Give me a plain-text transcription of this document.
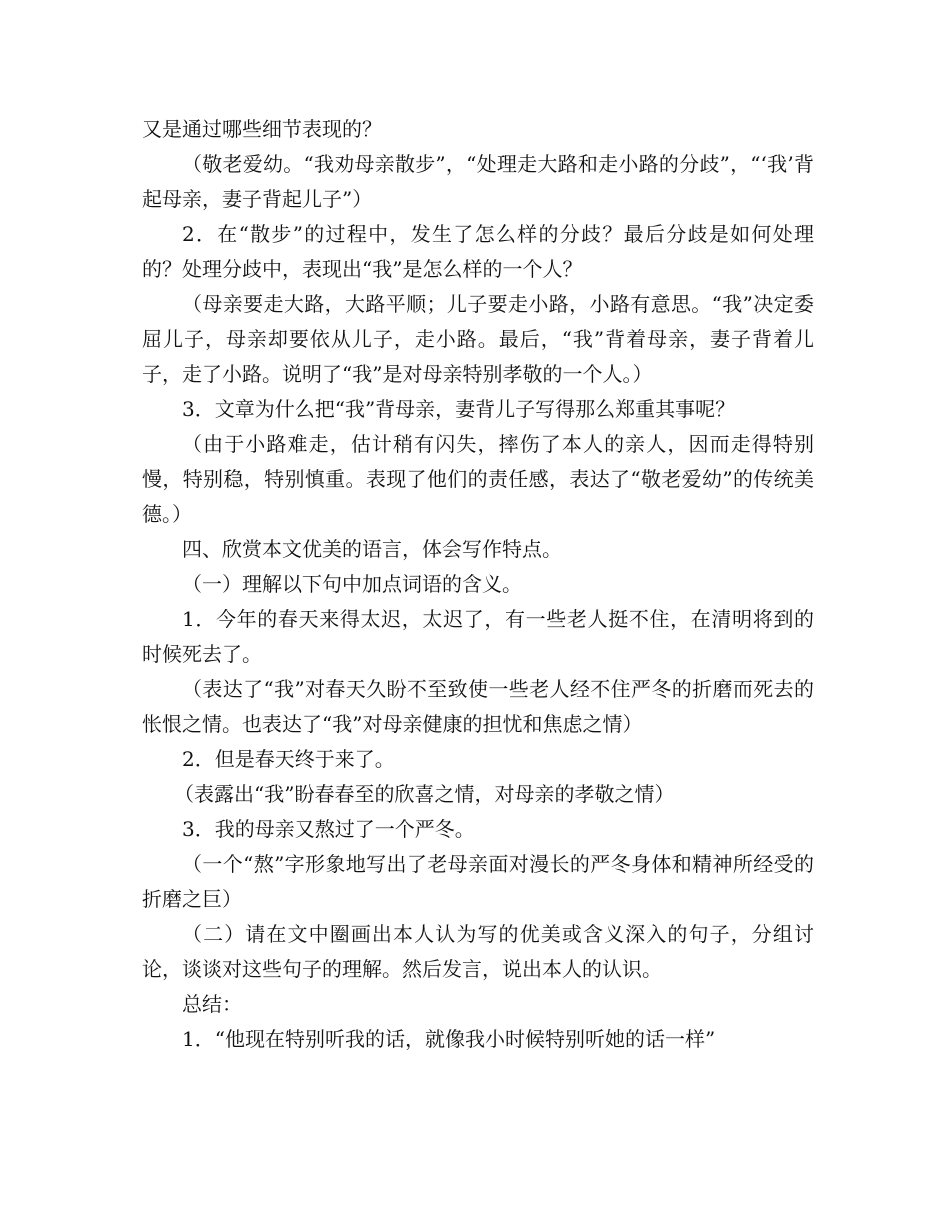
又是通过哪些细节表现的？

（敬老爱幼。“我劝母亲散步”，“处理走大路和走小路的分歧”，“‘我’背起母亲，妻子背起儿子”）

2．在“散步”的过程中，发生了怎么样的分歧？最后分歧是如何处理的？处理分歧中，表现出“我”是怎么样的一个人？

（母亲要走大路，大路平顺；儿子要走小路，小路有意思。“我”决定委屈儿子，母亲却要依从儿子，走小路。最后，“我”背着母亲，妻子背着儿子，走了小路。说明了“我”是对母亲特别孝敬的一个人。）

3．文章为什么把“我”背母亲，妻背儿子写得那么郑重其事呢？

（由于小路难走，估计稍有闪失，摔伤了本人的亲人，因而走得特别慢，特别稳，特别慎重。表现了他们的责任感，表达了“敬老爱幼”的传统美德。）

四、欣赏本文优美的语言，体会写作特点。

（一）理解以下句中加点词语的含义。

1．今年的春天来得太迟，太迟了，有一些老人挺不住，在清明将到的时候死去了。

（表达了“我”对春天久盼不至致使一些老人经不住严冬的折磨而死去的怅恨之情。也表达了“我”对母亲健康的担忧和焦虑之情）

2．但是春天终于来了。

（表露出“我”盼春春至的欣喜之情，对母亲的孝敬之情）

3．我的母亲又熬过了一个严冬。

（一个“熬”字形象地写出了老母亲面对漫长的严冬身体和精神所经受的折磨之巨）

（二）请在文中圈画出本人认为写的优美或含义深入的句子，分组讨论，谈谈对这些句子的理解。然后发言，说出本人的认识。

总结：

1．“他现在特别听我的话，就像我小时候特别听她的话一样”
